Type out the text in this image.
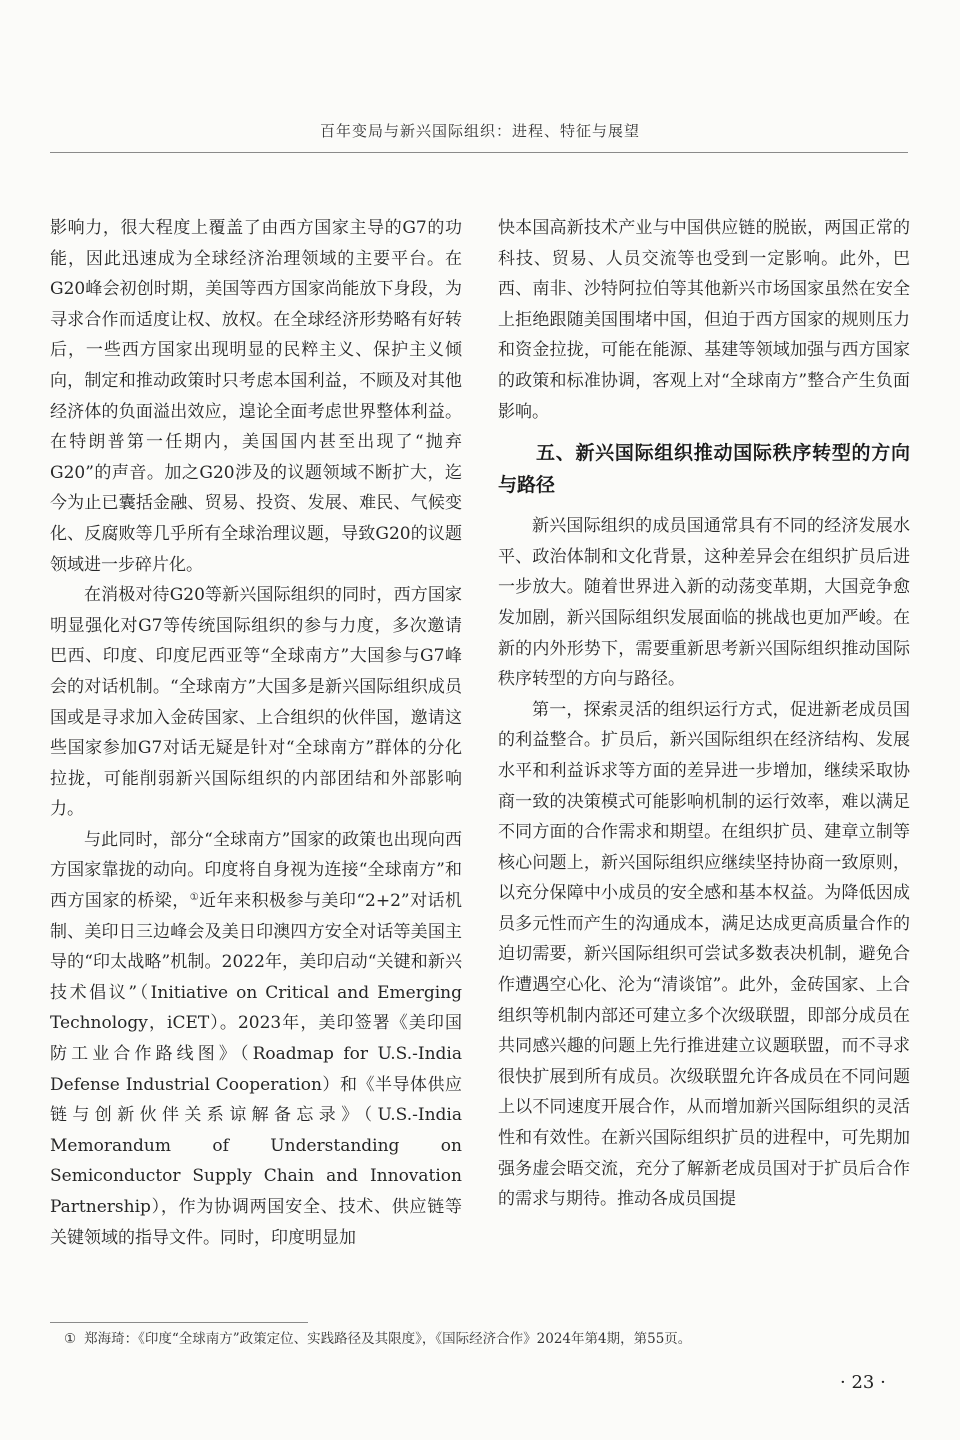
百年变局与新兴国际组织：进程、特征与展望

影响力，很大程度上覆盖了由西方国家主导的G7的功能，因此迅速成为全球经济治理领域的主要平台。在G20峰会初创时期，美国等西方国家尚能放下身段，为寻求合作而适度让权、放权。在全球经济形势略有好转后，一些西方国家出现明显的民粹主义、保护主义倾向，制定和推动政策时只考虑本国利益，不顾及对其他经济体的负面溢出效应，遑论全面考虑世界整体利益。在特朗普第一任期内，美国国内甚至出现了“抛弃G20”的声音。加之G20涉及的议题领域不断扩大，迄今为止已囊括金融、贸易、投资、发展、难民、气候变化、反腐败等几乎所有全球治理议题，导致G20的议题领域进一步碎片化。

在消极对待G20等新兴国际组织的同时，西方国家明显强化对G7等传统国际组织的参与力度，多次邀请巴西、印度、印度尼西亚等“全球南方”大国参与G7峰会的对话机制。“全球南方”大国多是新兴国际组织成员国或是寻求加入金砖国家、上合组织的伙伴国，邀请这些国家参加G7对话无疑是针对“全球南方”群体的分化拉拢，可能削弱新兴国际组织的内部团结和外部影响力。

与此同时，部分“全球南方”国家的政策也出现向西方国家靠拢的动向。印度将自身视为连接“全球南方”和西方国家的桥梁，①近年来积极参与美印“2+2”对话机制、美印日三边峰会及美日印澳四方安全对话等美国主导的“印太战略”机制。2022年，美印启动“关键和新兴技术倡议”（Initiative on Critical and Emerging Technology，iCET）。2023年，美印签署《美印国防工业合作路线图》（Roadmap for U.S.-India Defense Industrial Cooperation）和《半导体供应链与创新伙伴关系谅解备忘录》（U.S.-India Memorandum of Understanding on Semiconductor Supply Chain and Innovation Partnership），作为协调两国安全、技术、供应链等关键领域的指导文件。同时，印度明显加

快本国高新技术产业与中国供应链的脱嵌，两国正常的科技、贸易、人员交流等也受到一定影响。此外，巴西、南非、沙特阿拉伯等其他新兴市场国家虽然在安全上拒绝跟随美国围堵中国，但迫于西方国家的规则压力和资金拉拢，可能在能源、基建等领域加强与西方国家的政策和标准协调，客观上对“全球南方”整合产生负面影响。

五、新兴国际组织推动国际秩序转型的方向与路径

新兴国际组织的成员国通常具有不同的经济发展水平、政治体制和文化背景，这种差异会在组织扩员后进一步放大。随着世界进入新的动荡变革期，大国竞争愈发加剧，新兴国际组织发展面临的挑战也更加严峻。在新的内外形势下，需要重新思考新兴国际组织推动国际秩序转型的方向与路径。

第一，探索灵活的组织运行方式，促进新老成员国的利益整合。扩员后，新兴国际组织在经济结构、发展水平和利益诉求等方面的差异进一步增加，继续采取协商一致的决策模式可能影响机制的运行效率，难以满足不同方面的合作需求和期望。在组织扩员、建章立制等核心问题上，新兴国际组织应继续坚持协商一致原则，以充分保障中小成员的安全感和基本权益。为降低因成员多元性而产生的沟通成本，满足达成更高质量合作的迫切需要，新兴国际组织可尝试多数表决机制，避免合作遭遇空心化、沦为“清谈馆”。此外，金砖国家、上合组织等机制内部还可建立多个次级联盟，即部分成员在共同感兴趣的问题上先行推进建立议题联盟，而不寻求很快扩展到所有成员。次级联盟允许各成员在不同问题上以不同速度开展合作，从而增加新兴国际组织的灵活性和有效性。在新兴国际组织扩员的进程中，可先期加强务虚会晤交流，充分了解新老成员国对于扩员后合作的需求与期待。推动各成员国提

① 郑海琦：《印度“全球南方”政策定位、实践路径及其限度》，《国际经济合作》2024年第4期，第55页。
· 23 ·
